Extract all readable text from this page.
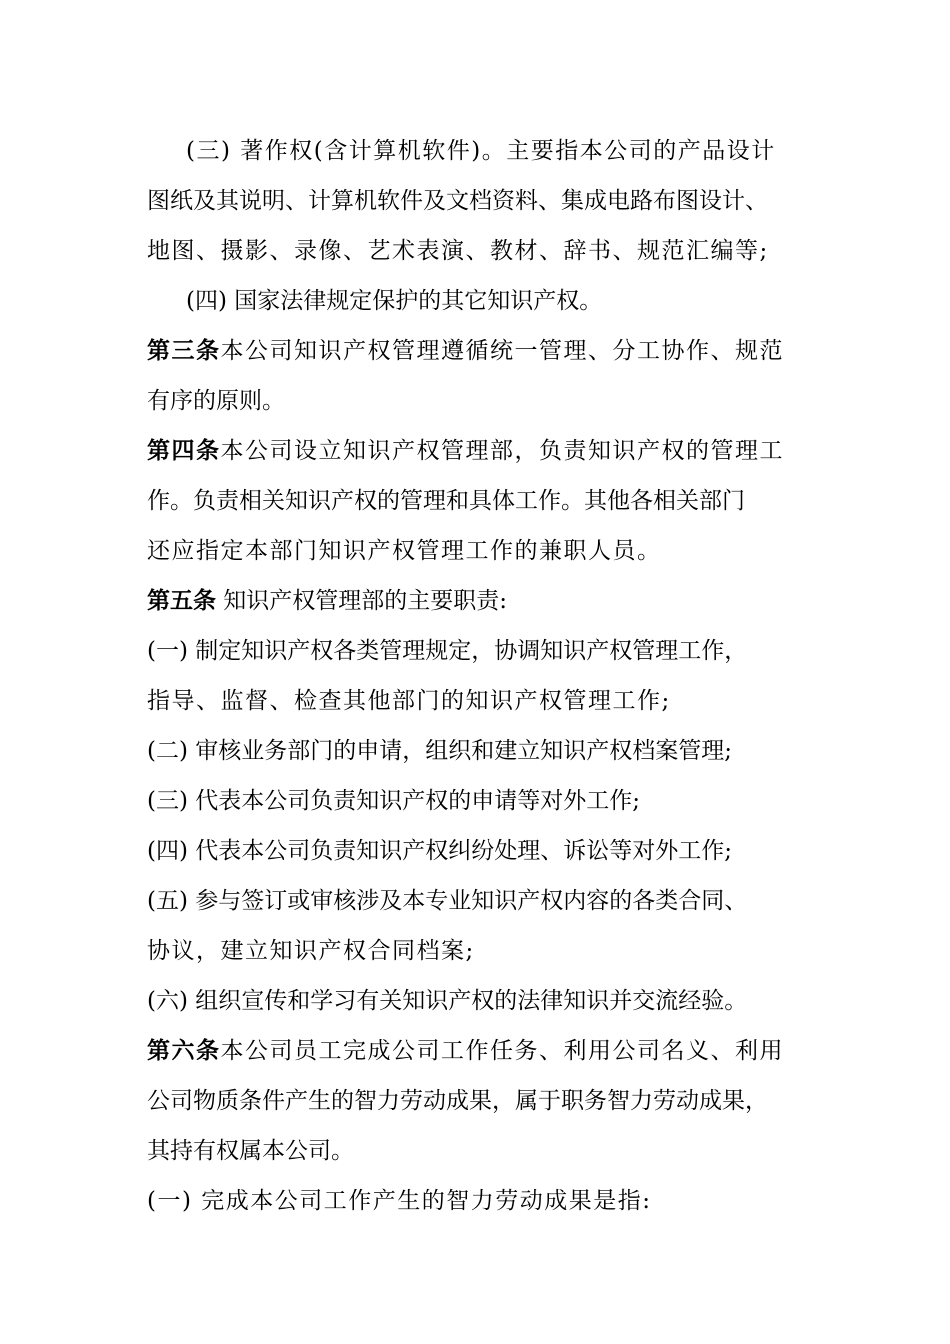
(三) 著作权(含计算机软件)。主要指本公司的产品设计
图纸及其说明、计算机软件及文档资料、集成电路布图设计、
地图、摄影、录像、艺术表演、教材、辞书、规范汇编等;
(四) 国家法律规定保护的其它知识产权。
第三条本公司知识产权管理遵循统一管理、分工协作、规范
有序的原则。
第四条本公司设立知识产权管理部，负责知识产权的管理工
作。负责相关知识产权的管理和具体工作。其他各相关部门
还应指定本部门知识产权管理工作的兼职人员。
第五条 知识产权管理部的主要职责:
(一) 制定知识产权各类管理规定，协调知识产权管理工作，
指导、监督、检查其他部门的知识产权管理工作;
(二) 审核业务部门的申请，组织和建立知识产权档案管理;
(三) 代表本公司负责知识产权的申请等对外工作;
(四) 代表本公司负责知识产权纠纷处理、诉讼等对外工作;
(五) 参与签订或审核涉及本专业知识产权内容的各类合同、
协议，建立知识产权合同档案;
(六) 组织宣传和学习有关知识产权的法律知识并交流经验。
第六条本公司员工完成公司工作任务、利用公司名义、利用
公司物质条件产生的智力劳动成果，属于职务智力劳动成果，
其持有权属本公司。
(一) 完成本公司工作产生的智力劳动成果是指:
